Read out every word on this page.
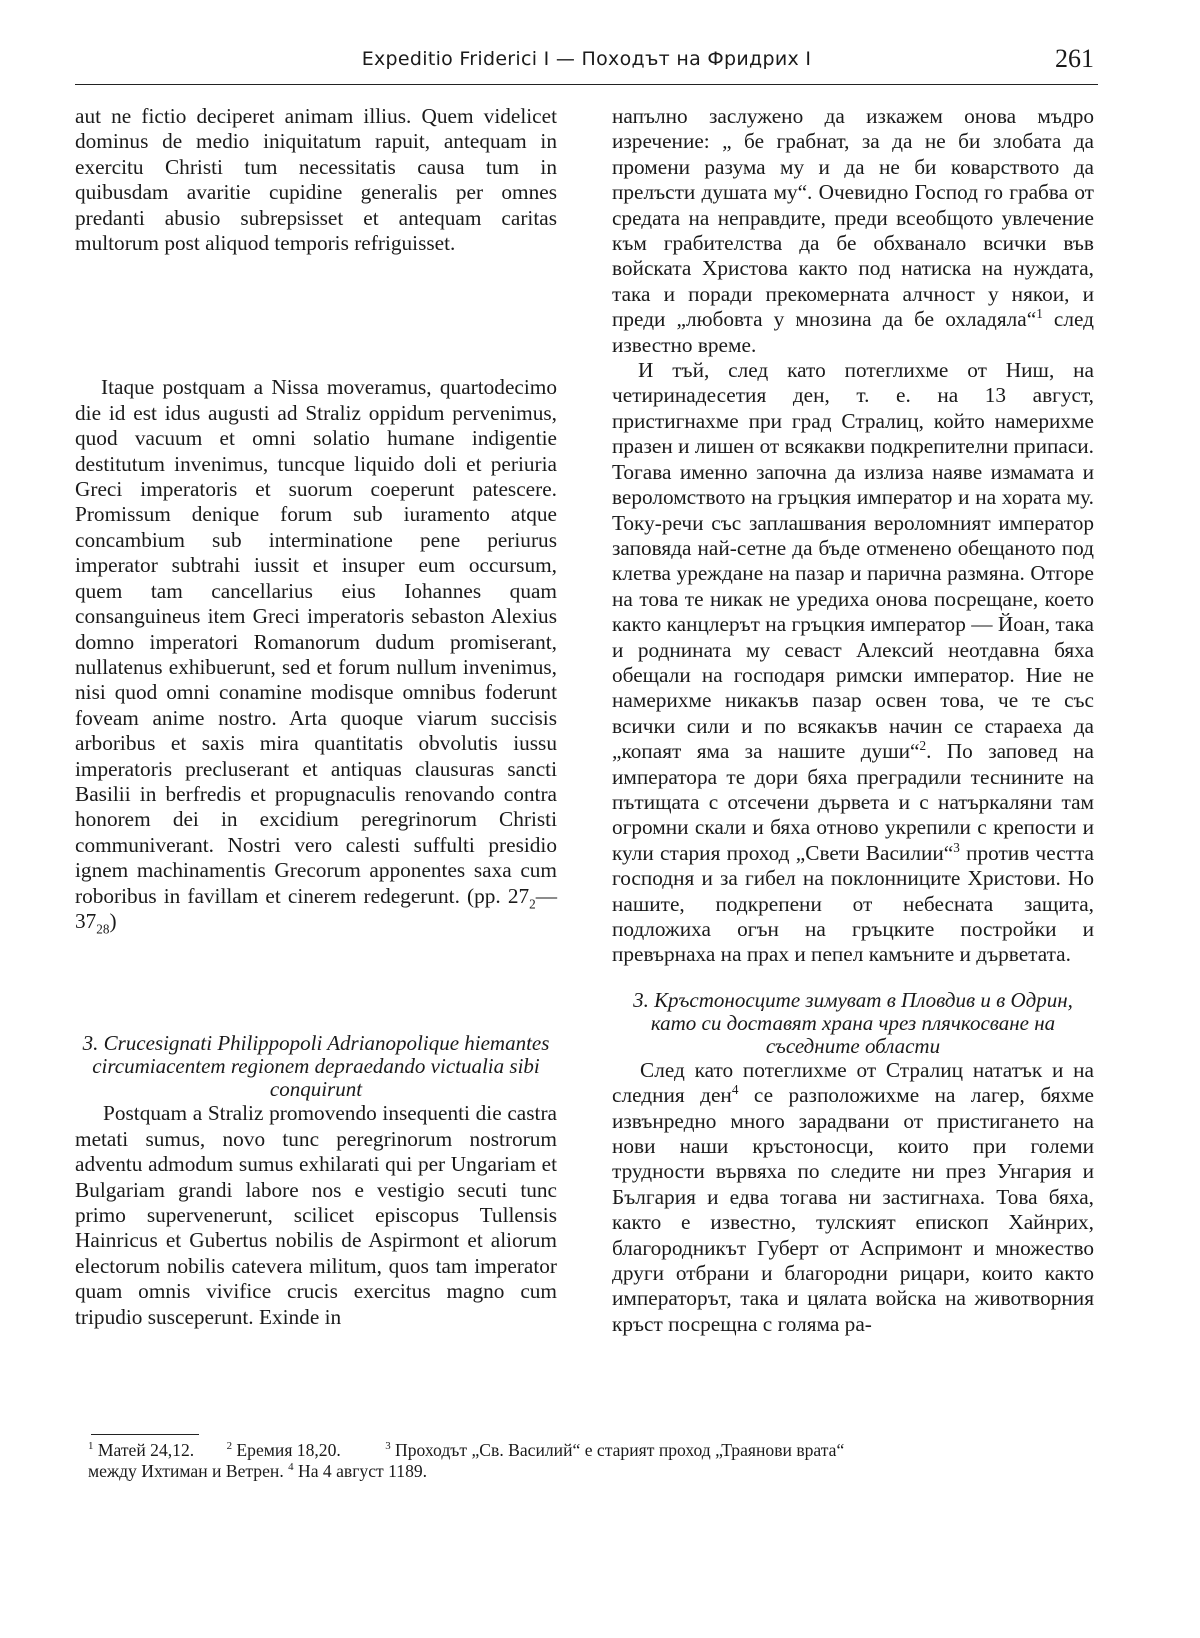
Expeditio Friderici I — Походът на Фридрих I	261

aut ne fictio deciperet animam illius. Quem videlicet dominus de medio iniquitatum rapuit, antequam in exercitu Christi tum necessitatis causa tum in quibusdam avaritie cupidine generalis per omnes predanti abusio subrepsisset et antequam caritas multorum post aliquod temporis refriguisset.

Itaque postquam a Nissa moveramus, quartodecimo die id est idus augusti ad Straliz oppidum pervenimus, quod vacuum et omni solatio humane indigentie destitutum invenimus, tuncque liquido doli et periuria Greci imperatoris et suorum coeperunt patescere. Promissum denique forum sub iuramento atque concambium sub interminatione pene periurus imperator subtrahi iussit et insuper eum occursum, quem tam cancellarius eius Iohannes quam consanguineus item Greci imperatoris sebaston Alexius domno imperatori Romanorum dudum promiserant, nullatenus exhibuerunt, sed et forum nullum invenimus, nisi quod omni conamine modisque omnibus foderunt foveam anime nostro. Arta quoque viarum succisis arboribus et saxis mira quantitatis obvolutis iussu imperatoris precluserant et antiquas clausuras sancti Basilii in berfredis et propugnaculis renovando contra honorem dei in excidium peregrinorum Christi communiverant. Nostri vero calesti suffulti presidio ignem machinamentis Grecorum apponentes saxa cum roboribus in favillam et cinerem redegerunt. (pp. $27_2—37_{28}$)

3. Crucesignati Philippopoli Adrianopolique hiemantes circumiacentem regionem depraedando victualia sibi conquirunt

Postquam a Straliz promovendo insequenti die castra metati sumus, novo tunc peregrinorum nostrorum adventu admodum sumus exhilarati qui per Ungariam et Bulgariam grandi labore nos e vestigio secuti tunc primo supervenerunt, scilicet episcopus Tullensis Hainricus et Gubertus nobilis de Aspirmont et aliorum electorum nobilis catevera militum, quos tam imperator quam omnis vivifice crucis exercitus magno cum tripudio susceperunt. Exinde in

напълно заслужено да изкажем онова мъдро изречение: „ бе грабнат, за да не би злобата да промени разума му и да не би коварството да прелъсти душата му“. Очевидно Господ го грабва от средата на неправдите, преди всеобщото увлечение към грабителства да бе обхванало всички във войската Христова както под натиска на нуждата, така и поради прекомерната алчност у някои, и преди „любовта у мнозина да бе охладяла“$^1$ след известно време.

И тъй, след като потеглихме от Ниш, на четиринадесетия ден, т. е. на 13 август, пристигнахме при град Стралиц, който намерихме празен и лишен от всякакви подкрепителни припаси. Тогава именно започна да излиза наяве измамата и вероломството на гръцкия император и на хората му. Току-речи със заплашвания вероломният император заповяда най-сетне да бъде отменено обещаното под клетва уреждане на пазар и парична размяна. Отгоре на това те никак не уредиха онова посрещане, което както канцлерът на гръцкия император — Йоан, така и роднината му севаст Алексий неотдавна бяха обещали на господаря римски император. Ние не намерихме никакъв пазар освен това, че те със всички сили и по всякакъв начин се стараеха да „копаят яма за нашите души“$^2$. По заповед на императора те дори бяха преградили теснините на пътищата с отсечени дървета и с натъркаляни там огромни скали и бяха отново укрепили с крепости и кули стария проход „Свети Василии“$^3$ против честта господня и за гибел на поклонниците Христови. Но нашите, подкрепени от небесната защита, подложиха огън на гръцките постройки и превърнаха на прах и пепел камъните и дърветата.

3. Кръстоносците зимуват в Пловдив и в Одрин, като си доставят храна чрез плячкосване на съседните области

След като потеглихме от Стралиц нататък и на следния ден$^4$ се разположихме на лагер, бяхме извънредно много зарадвани от пристигането на нови наши кръстоносци, които при големи трудности вървяха по следите ни през Унгария и България и едва тогава ни застигнаха. Това бяха, както е известно, тулският епископ Хайнрих, благородникът Губерт от Аспримонт и множество други отбрани и благородни рицари, които както императорът, така и цялата войска на животворния кръст посрещна с голяма ра-

$^1$ Матей 24,12.	$^2$ Еремия 18,20.	$^3$ Проходът „Св. Василий“ е старият проход „Траянови врата“
между Ихтиман и Ветрен. $^4$ На 4 август 1189.
